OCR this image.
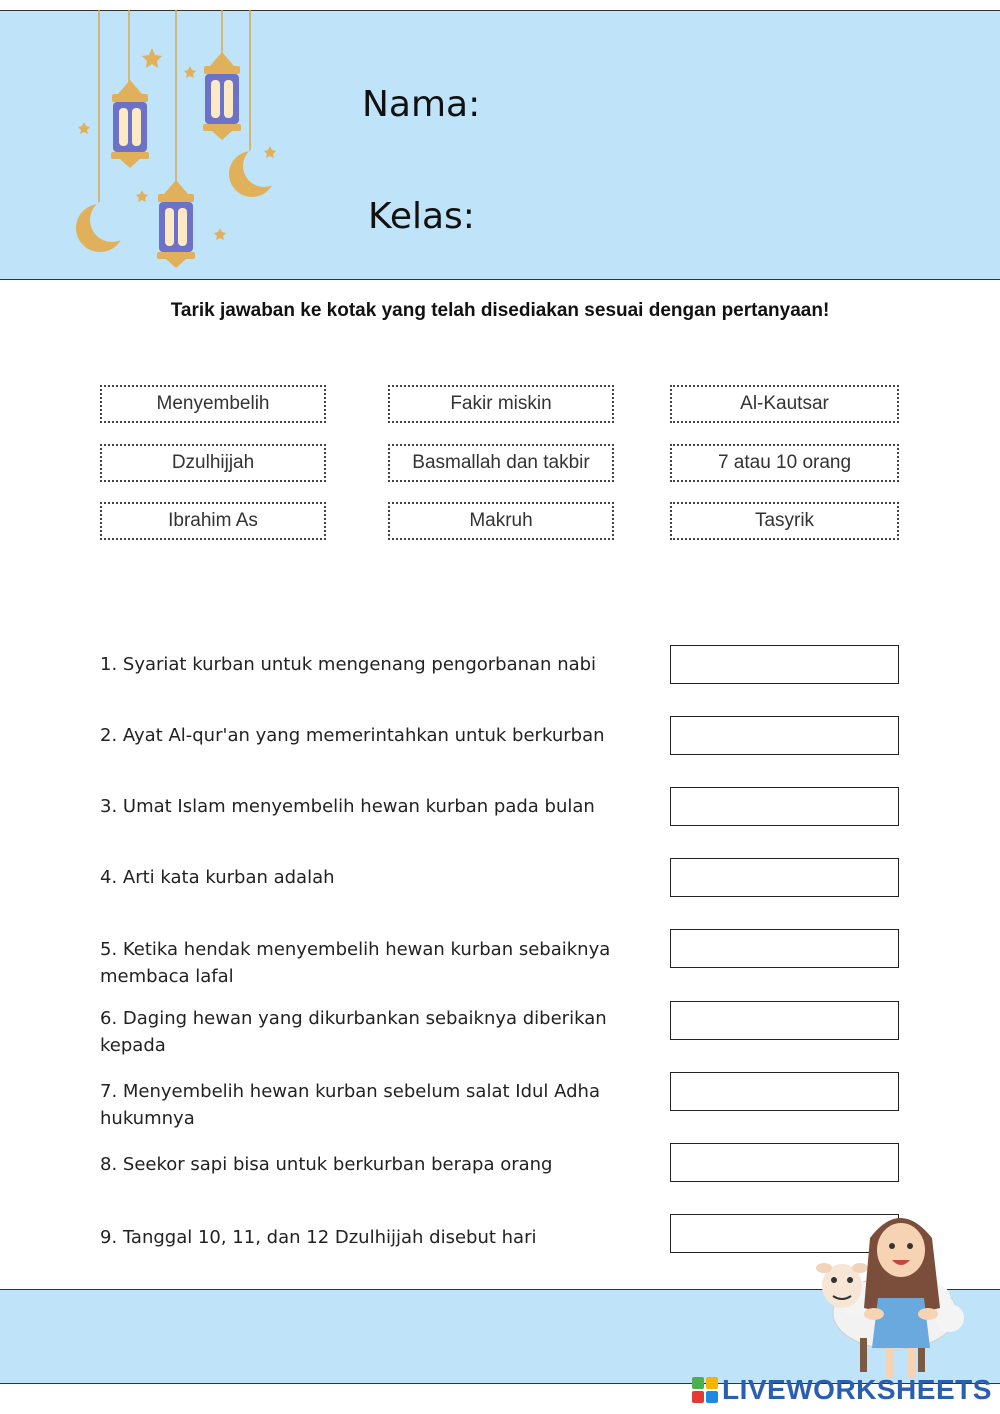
Nama:
Kelas:
Tarik jawaban ke kotak yang telah disediakan sesuai dengan pertanyaan!
Menyembelih	Fakir miskin	Al-Kautsar
Dzulhijjah	Basmallah dan takbir	7 atau 10 orang
Ibrahim As	Makruh	Tasyrik
1. Syariat kurban untuk mengenang pengorbanan nabi
2. Ayat Al-qur'an yang memerintahkan untuk berkurban
3. Umat Islam menyembelih hewan kurban pada bulan
4. Arti kata kurban adalah
5. Ketika hendak menyembelih hewan kurban sebaiknya membaca lafal
6. Daging hewan yang dikurbankan sebaiknya diberikan kepada
7. Menyembelih hewan kurban sebelum salat Idul Adha hukumnya
8. Seekor sapi bisa untuk berkurban berapa orang
9. Tanggal 10, 11, dan 12 Dzulhijjah disebut hari
LIVEWORKSHEETS
